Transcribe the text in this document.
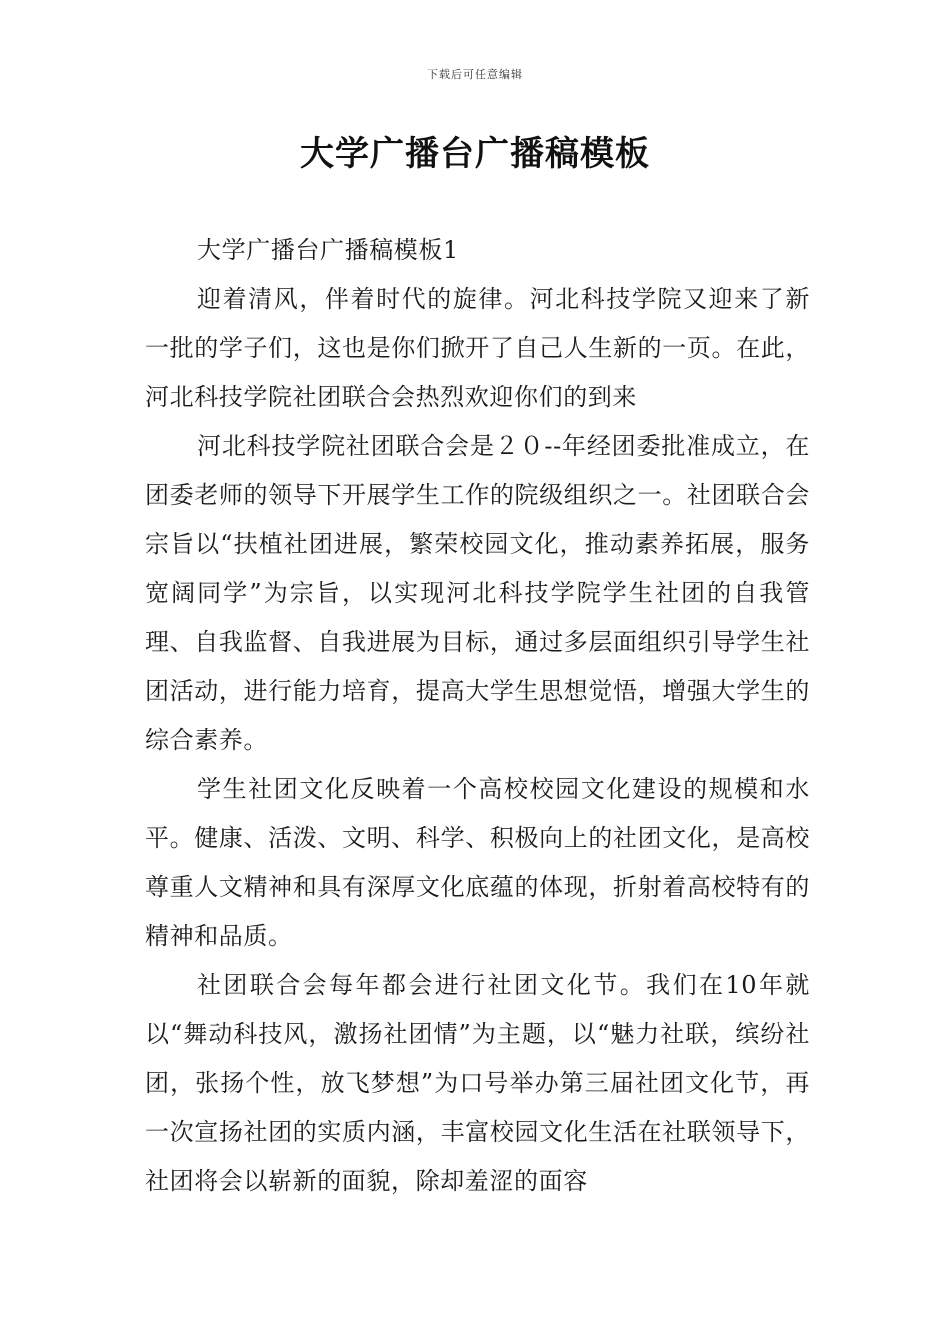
下载后可任意编辑
大学广播台广播稿模板

大学广播台广播稿模板1

迎着清风，伴着时代的旋律。河北科技学院又迎来了新一批的学子们，这也是你们掀开了自己人生新的一页。在此，河北科技学院社团联合会热烈欢迎你们的到来

河北科技学院社团联合会是２０--年经团委批准成立，在团委老师的领导下开展学生工作的院级组织之一。社团联合会宗旨以“扶植社团进展，繁荣校园文化，推动素养拓展，服务宽阔同学”为宗旨，以实现河北科技学院学生社团的自我管理、自我监督、自我进展为目标，通过多层面组织引导学生社团活动，进行能力培育，提高大学生思想觉悟，增强大学生的综合素养。

学生社团文化反映着一个高校校园文化建设的规模和水平。健康、活泼、文明、科学、积极向上的社团文化，是高校尊重人文精神和具有深厚文化底蕴的体现，折射着高校特有的精神和品质。

社团联合会每年都会进行社团文化节。我们在10年就以“舞动科技风，激扬社团情”为主题，以“魅力社联，缤纷社团，张扬个性，放飞梦想”为口号举办第三届社团文化节，再一次宣扬社团的实质内涵，丰富校园文化生活在社联领导下，社团将会以崭新的面貌，除却羞涩的面容
